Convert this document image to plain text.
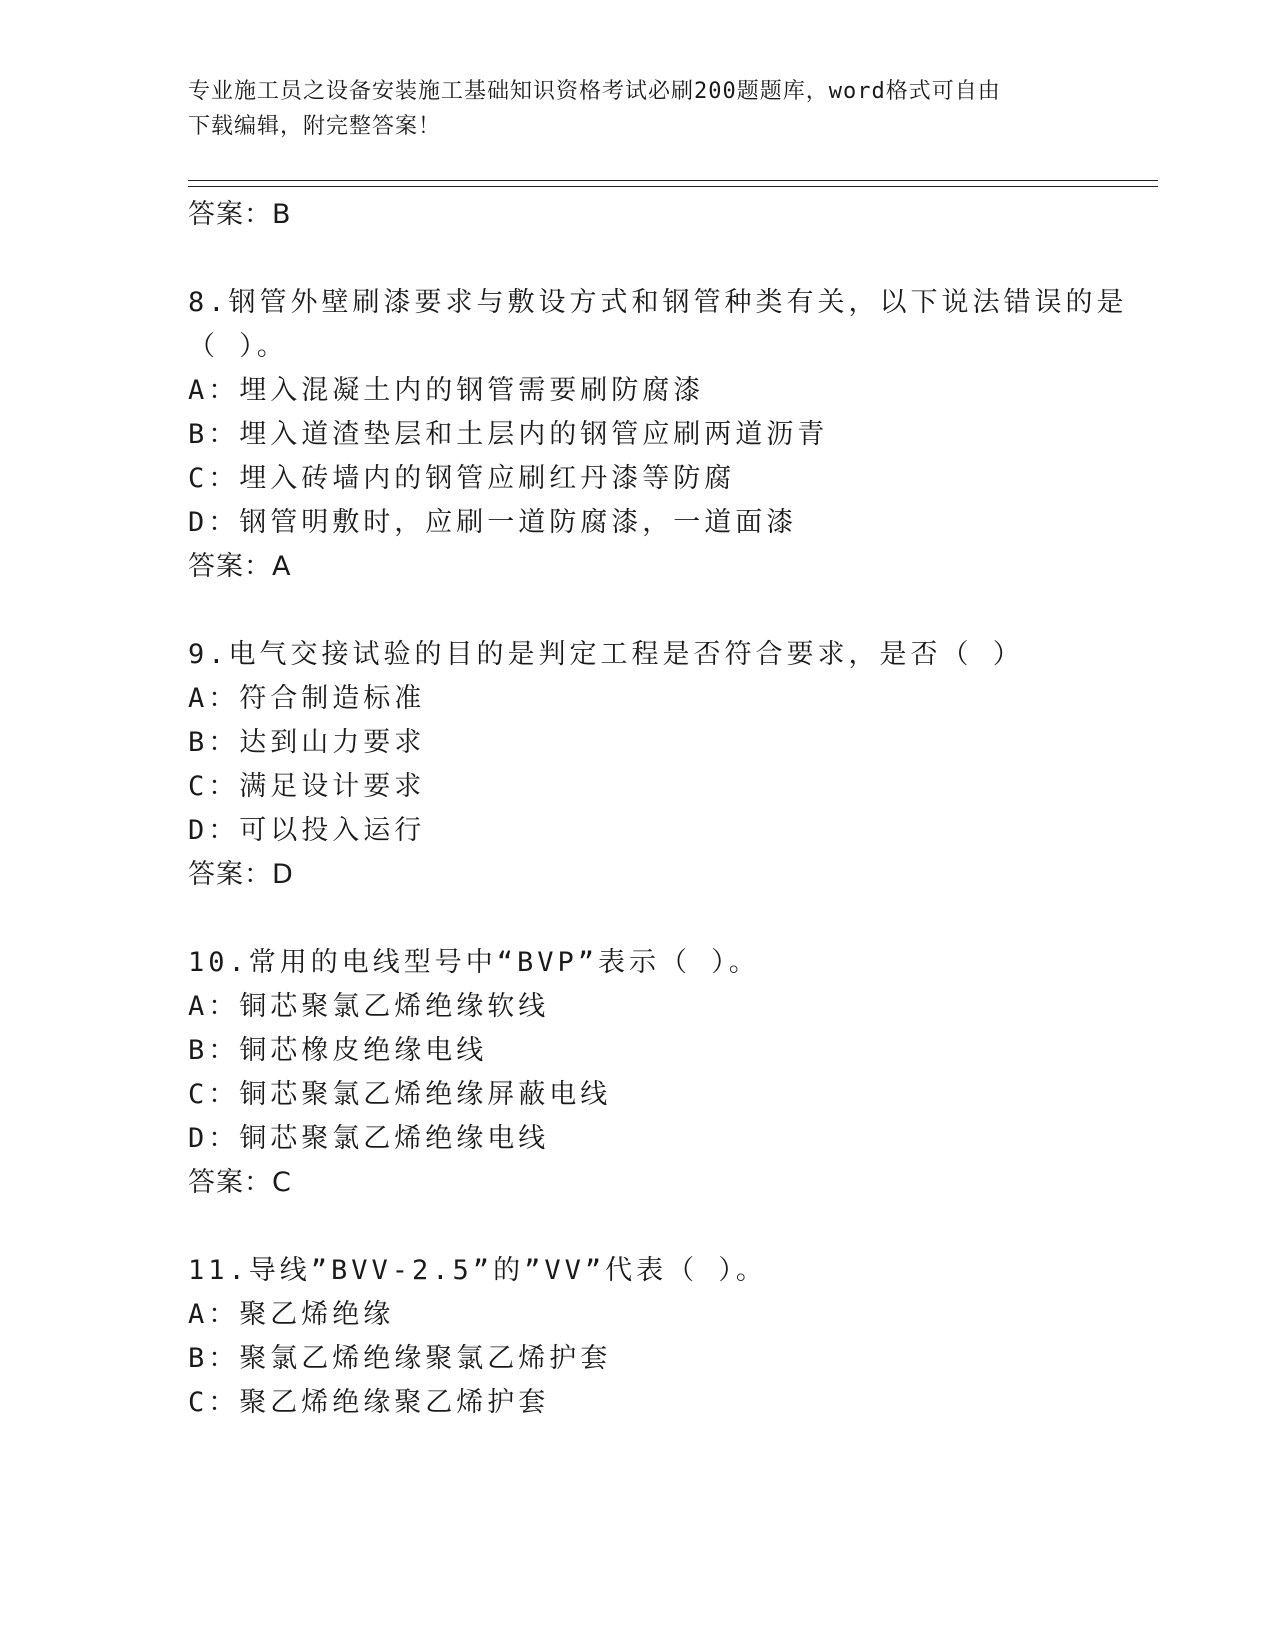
专业施工员之设备安装施工基础知识资格考试必刷200题题库，word格式可自由
下载编辑，附完整答案！
答案：B
8.钢管外壁刷漆要求与敷设方式和钢管种类有关，以下说法错误的是
（ ）。
A：埋入混凝土内的钢管需要刷防腐漆
B：埋入道渣垫层和土层内的钢管应刷两道沥青
C：埋入砖墙内的钢管应刷红丹漆等防腐
D：钢管明敷时，应刷一道防腐漆，一道面漆
答案：A
9.电气交接试验的目的是判定工程是否符合要求，是否（ ）
A：符合制造标准
B：达到山力要求
C：满足设计要求
D：可以投入运行
答案：D
10.常用的电线型号中“BVP”表示（ ）。
A：铜芯聚氯乙烯绝缘软线
B：铜芯橡皮绝缘电线
C：铜芯聚氯乙烯绝缘屏蔽电线
D：铜芯聚氯乙烯绝缘电线
答案：C
11.导线”BVV-2.5”的”VV”代表（ ）。
A：聚乙烯绝缘
B：聚氯乙烯绝缘聚氯乙烯护套
C：聚乙烯绝缘聚乙烯护套
